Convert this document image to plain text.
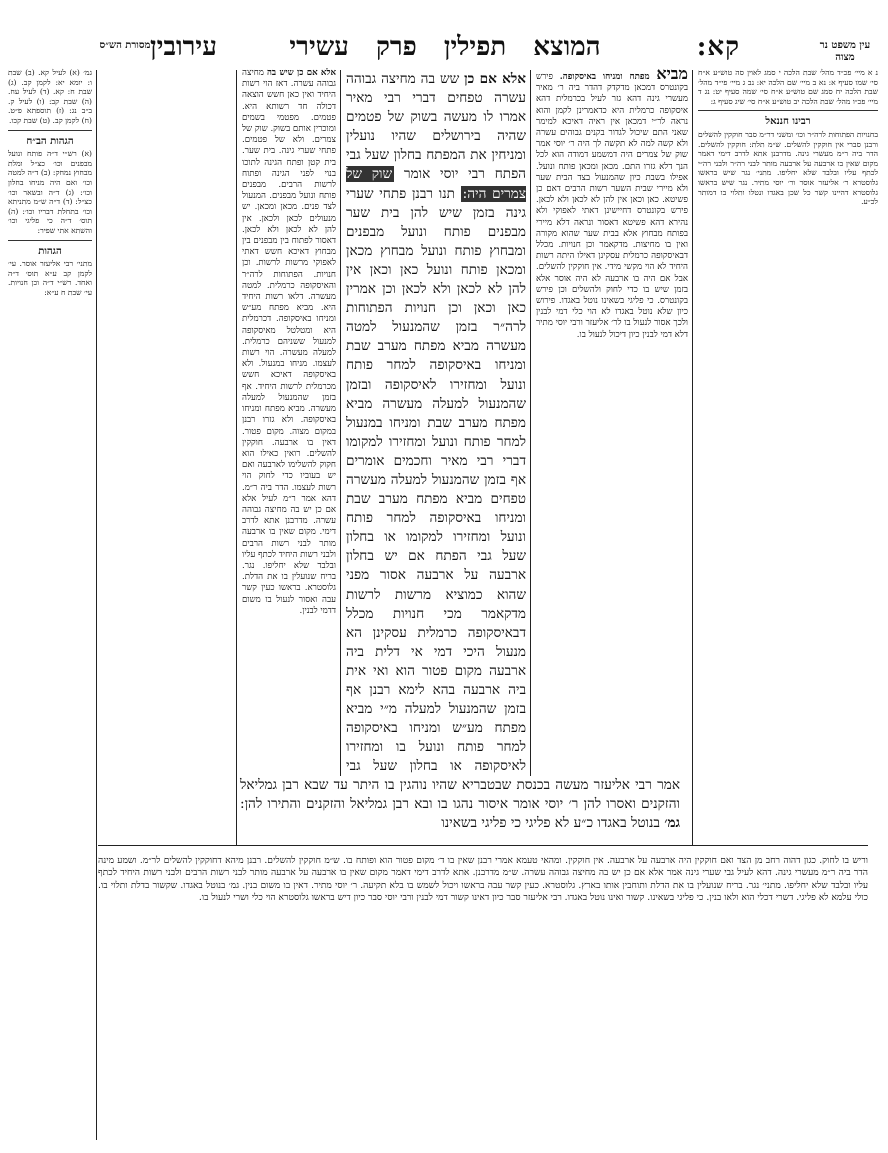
עין משפט נר מצוה
מסורת הש״ס	קא:
המוצא תפילין פרק עשירי
עירובין

נ א מיי׳ פכ״ד מהל׳ שבת הלכה י סמג לאוין סה טוש״ע א״ח סי׳ שמו סעיף א: נא ב מיי׳ שם הלכה יא: נב ג מיי׳ פי״ד מהל׳ שבת הלכה יח סמג שם טוש״ע א״ח סי׳ שמה סעיף יט: נג ד מיי׳ פכ״ו מהל׳ שבת הלכה יב טוש״ע א״ח סי׳ שיג סעיף ג:

רבינו חננאל

בחנויות הפתוחות לרה״ר וכו׳ ומשני דר״מ סבר חוקקין להשלים ורבנן סברי אין חוקקין להשלים. ש״מ תלת: חוקקין להשלים. הדר ביה ר״מ מעשרי גינה. מדרבנן אתא לדרב דימי דאמר מקום שאין בו ארבעה על ארבעה מותר לבני רה״ר ולבני רה״י לכתף עליו ובלבד שלא יחליפו. מתני׳ נגר שיש בראשו גלוסטרא ר׳ אליעזר אוסר ור׳ יוסי מתיר. נגר שיש בראשו גלוסטרא דהיינו קשר כל שכן באגדו ונטלו ותלוי בו דמותר לכ״ע.

מביא מפתח ומניחו באיסקופה. פירש בקונטרס דמכאן מדקדק דהדר ביה ר׳ מאיר מעשרי גינה דהא גזר לעיל בכרמלית דהא איסקופה כרמלית היא כדאמרינן לקמן והוא נראה לר״י דמכאן אין ראיה דאיכא למימר שאני התם שיכול לגדור בקנים גבוהים עשרה ולא קשה למה לא תקשה לך היה ר׳ יוסי אמר שוק של צמרים היה דמשמע דמודה הוא לכל הנך דלא גזרו התם. מכאן ומכאן פותח ונועל. אפילו בשבת כיון שהמנעול בצד הבית שער ולא מיירי שבית השער רשות הרבים דאם כן פשיטא. כאן וכאן אין להן לא לכאן ולא לכאן. פירש בקונטרס דחיישינן דאתי לאפוקי ולא נהירא דהא פשיטא דאסור ונראה דלא מיירי בפותח מבחוץ אלא בבית שער שהוא מקורה ואין בו מחיצות. מדקאמר וכן חנויות. מכלל דבאיסקופה כרמלית עסקינן דאילו היתה רשות היחיד לא הוי מקשי מידי. אין חוקקין להשלים. אבל אם היה בו ארבעה לא היה אוסר אלא בזמן שיש בו כדי לחוק ולהשלים וכן פירש בקונטרס. כי פליגי בשאינו נוטל באגדו. פירוש כיון שלא נוטל באגדו לא הוי כלי דמי לבנין ולכך אסור לנעול בו לר׳ אליעזר ורבי יוסי מתיר דלא דמי לבנין כיון דיכול לנעול בו.

אלא אם כן שש בה מחיצה גבוהה עשרה טפחים דברי רבי מאיר אמרו לו מעשה בשוק של פטמים שהיה בירושלים שהיו נועלין ומניחין את המפתח בחלון שעל גבי הפתח רבי יוסי אומר שוק של צמרים היה: תנו רבנן פתחי שערי גינה בזמן שיש להן בית שער מבפנים פותח ונועל מבפנים ומבחוץ פותח ונועל מבחוץ מכאן ומכאן פותח ונועל כאן וכאן אין להן לא לכאן ולא לכאן וכן אמרין כאן וכאן וכן חנויות הפתוחות לרה״ר בזמן שהמנעול למטה מעשרה מביא מפתח מערב שבת ומניחו באיסקופה למחר פותח ונועל ומחזירו לאיסקופה ובזמן שהמנעול למעלה מעשרה מביא מפתח מערב שבת ומניחו במנעול למחר פותח ונועל ומחזירו למקומו דברי רבי מאיר וחכמים אומרים אף בזמן שהמנעול למעלה מעשרה טפחים מביא מפתח מערב שבת ומניחו באיסקופה למחר פותח ונועל ומחזירו למקומו או בחלון שעל גבי הפתח אם יש בחלון ארבעה על ארבעה אסור מפני שהוא כמוציא מרשות לרשות מדקאמר מכי חנויות מכלל דבאיסקופה כרמלית עסקינן הא מנעול היכי דמי אי דלית ביה ארבעה מקום פטור הוא ואי אית ביה ארבעה בהא לימא רבנן אף בזמן שהמנעול למעלה מ״י מביא מפתח מע״ש ומניחו באיסקופה למחר פותח ונועל בו ומחזירו לאיסקופה או בחלון שעל גבי

אלא אם כן שיש בה מחיצה גבוהה עשרה. דאז הוי רשות היחיד ואין כאן חשש הוצאה דכולה חד רשותא היא. פטמים. מפטמי בשמים ומוכרין אותם בשוק. שוק של צמרים. ולא של פטמים. פתחי שערי גינה. בית שער. בית קטן ופתח הגינה לתוכו בנוי לפני הגינה ופתוח לרשות הרבים. מבפנים פותח ונועל מבפנים. המנעול לצד פנים. מכאן ומכאן. יש מנעולים לכאן ולכאן. אין להן לא לכאן ולא לכאן. דאסור לפתוח בין מבפנים בין מבחוץ דאיכא חשש דאתי לאפוקי מרשות לרשות. וכן חנויות. הפתוחות לרה״ר והאיסקופה כרמלית. למטה מעשרה. דלאו רשות היחיד היא. מביא מפתח מע״ש ומניחו באיסקופה. דכרמלית היא ומטלטל מאיסקופה למנעול ששניהם כרמלית. למעלה מעשרה. הוי רשות לעצמו. מניחו במנעול. ולא באיסקופה דאיכא חשש מכרמלית לרשות היחיד. אף בזמן שהמנעול למעלה מעשרה. מביא מפתח ומניחו באיסקופה. ולא גזרו רבנן במקום מצוה. מקום פטור. דאין בו ארבעה. חוקקין להשלים. רואין כאילו הוא חקוק להשלימו לארבעה ואם יש בעוביו כדי לחוק הוי רשות לעצמו. הדר ביה ר״מ. דהא אמר ר״מ לעיל אלא אם כן יש בה מחיצה גבוהה עשרה. מדרבנן אתא לדרב דימי. מקום שאין בו ארבעה מותר לבני רשות הרבים ולבני רשות היחיד לכתף עליו ובלבד שלא יחליפו. נגר. בריח שנועלין בו את הדלת. גלוסטרא. בראשו כעין קשר עבה ואסור לנעול בו משום דדמי לבנין.

גמ׳ (א) לעיל קא. (ב) שבת ו: יומא יא: לקמן קב. (ג) שבת ח: קא. (ד) לעיל עח. (ה) שבת קב: (ו) לעיל ק. ב״ב נג: (ז) תוספתא פ״ט. (ח) לקמן קב. (ט) שבת קכו.

הגהות הב״ח

(א) רש״י ד״ה פותח ונועל מבפנים וכו׳ כצ״ל ומלת מבחוץ נמחק: (ב) ד״ה למטה וכו׳ ואם היה מניחו בחלון וכו׳: (ג) ד״ה ובשאר וכו׳ כצ״ל: (ד) ד״ה ש״מ מתניתא וכו׳ בתחלת דבריו וכו׳: (ה) תוס׳ ד״ה כי פליגי וכו׳ והשתא אתי שפיר:

הגהות

מתני׳ רבי אליעזר אוסר. עי׳ לקמן קב ע״א תוס׳ ד״ה ואחד. רש״י ד״ה וכן חנויות. עי׳ שבת ח ע״א:

אמר רבי אליעזר מעשה בכנסת שבטבריא שהיו נוהגין בו היתר עד שבא רבן גמליאל והזקנים ואסרו להן ר׳ יוסי אומר איסור נהגו בו ובא רבן גמליאל והזקנים והתירו להן: גמ׳ בנוטל באגדו כ״ע לא פליגי כי פליגי בשאינו

וריש בו לחוק. כגון דהוה רחב מן הצד ואם חוקקין היה ארבעה על ארבעה. אין חוקקין. ומהאי טעמא אמרי רבנן שאין בו ד׳ מקום פטור הוא ופותח בו. ש״מ חוקקין להשלים. רבנן מיהא דחוקקין להשלים לר״מ. ושמע מינה הדר ביה ר״מ מעשרי גינה. דהא לעיל גבי שערי גינה אמר אלא אם כן יש בה מחיצה גבוהה עשרה. ש״מ מדרבנן. אתא לדרב דימי דאמר מקום שאין בו ארבעה על ארבעה מותר לבני רשות הרבים ולבני רשות היחיד לכתף עליו ובלבד שלא יחליפו. מתני׳ נגר. בריח שנועלין בו את הדלת ותוחבין אותו בארץ. גלוסטרא. כעין קשר עבה בראשו ויכול לשמש בו בלא תקיעה. ר׳ יוסי מתיר. דאין בו משום בנין. גמ׳ בנוטל באגדו. שקשור בדלת ותלוי בו. כולי עלמא לא פליגי. דשרי דכלי הוא ולאו בנין. כי פליגי בשאינו. קשור ואינו נוטל באגדו. רבי אליעזר סבר כיון דאינו קשור דמי לבנין ורבי יוסי סבר כיון דיש בראשו גלוסטרא הוי כלי ושרי לנעול בו.
